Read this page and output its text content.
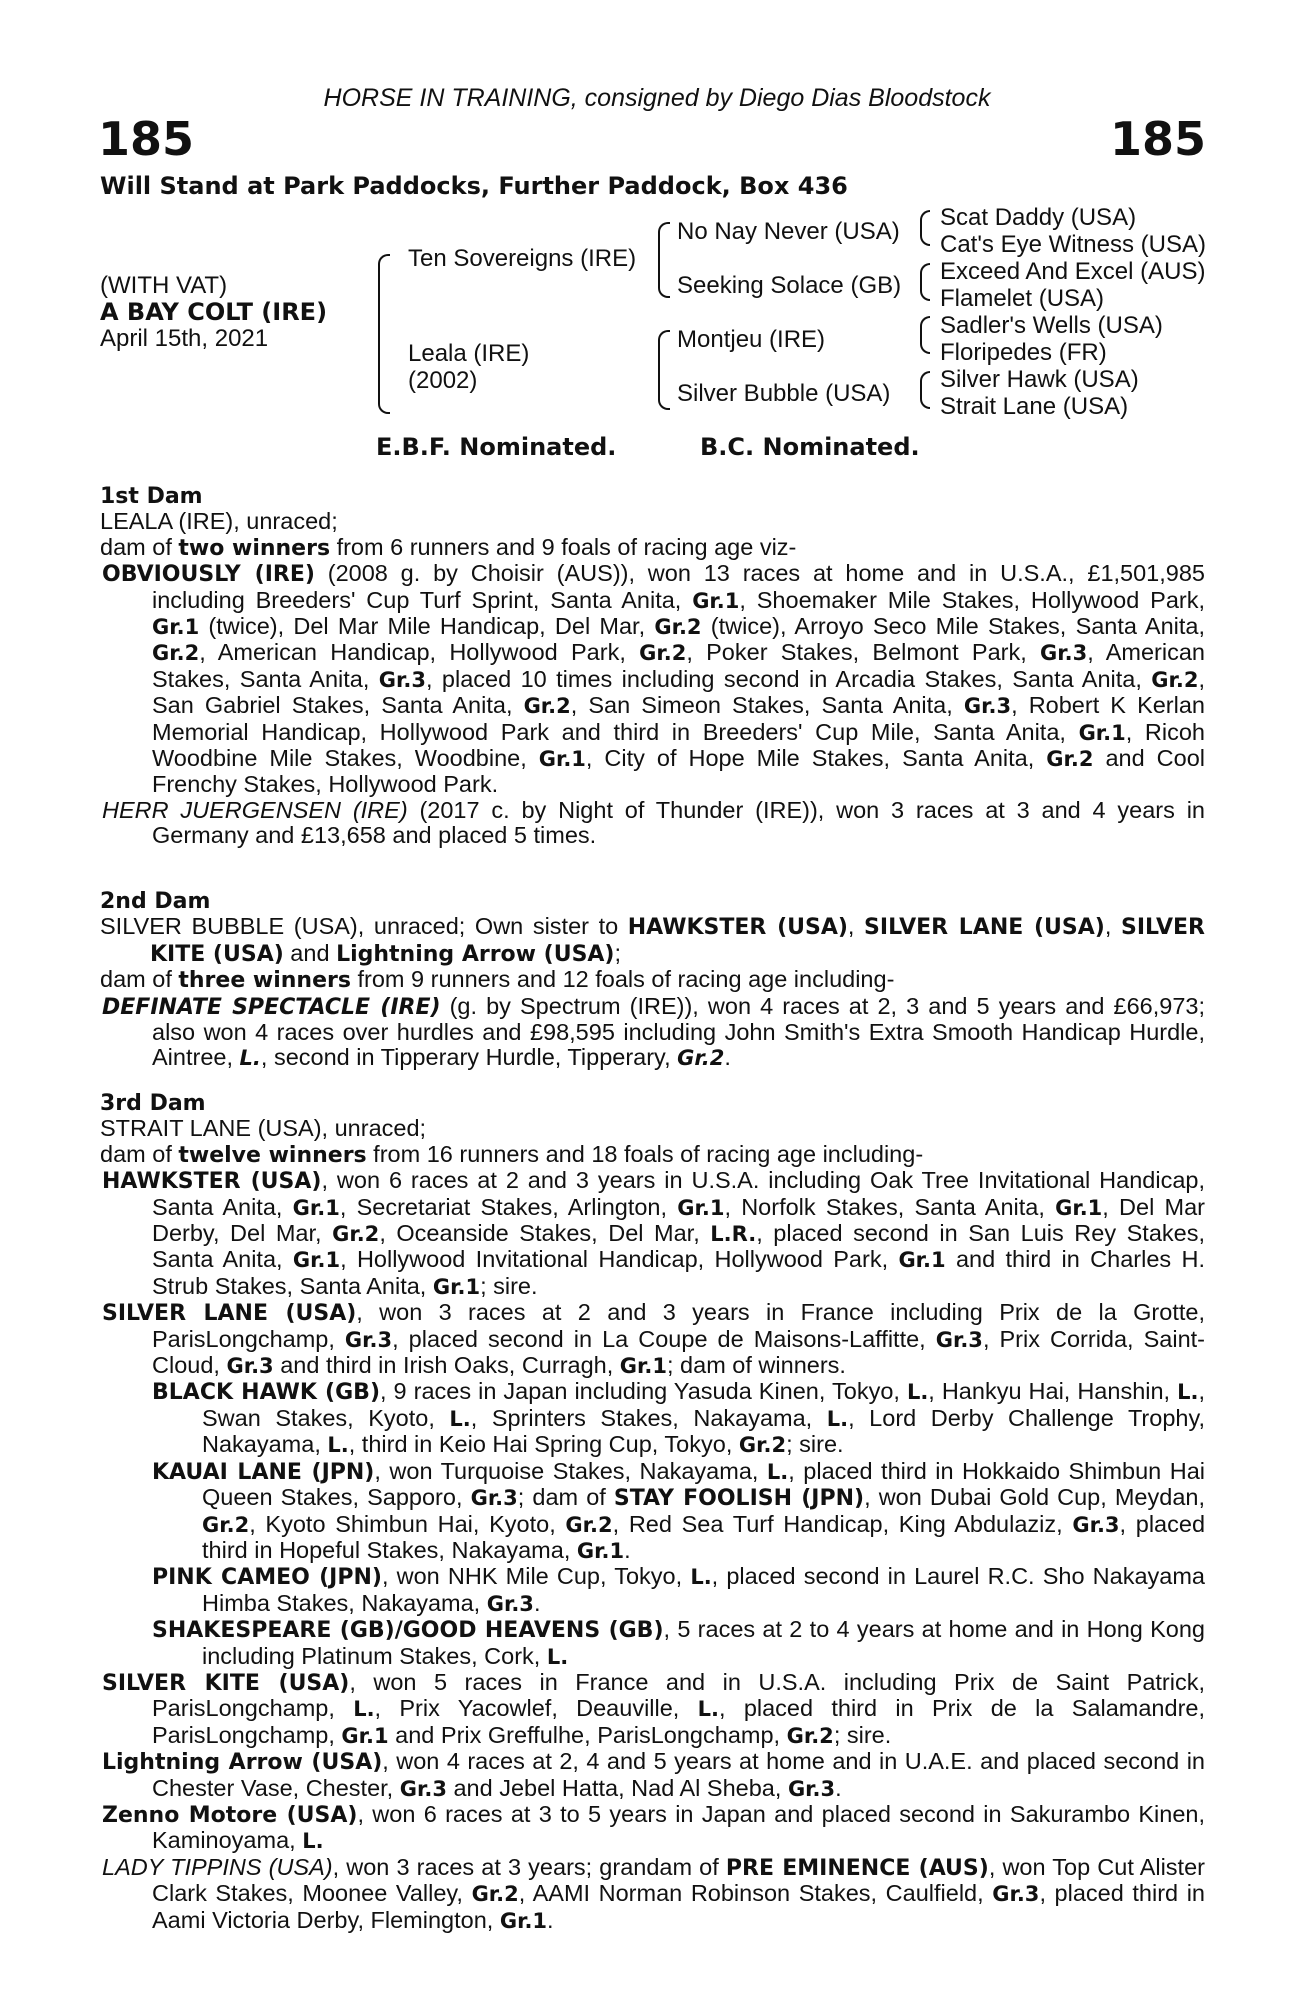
HORSE IN TRAINING, consigned by Diego Dias Bloodstock
185	185
Will Stand at Park Paddocks, Further Paddock, Box 436
(WITH VAT)
A BAY COLT (IRE)
April 15th, 2021
Ten Sovereigns (IRE)
Leala (IRE)
(2002)
No Nay Never (USA)
Seeking Solace (GB)
Montjeu (IRE)
Silver Bubble (USA)
Scat Daddy (USA)
Cat's Eye Witness (USA)
Exceed And Excel (AUS)
Flamelet (USA)
Sadler's Wells (USA)
Floripedes (FR)
Silver Hawk (USA)
Strait Lane (USA)
E.B.F. Nominated.	B.C. Nominated.

1st Dam

LEALA (IRE), unraced;

dam of two winners from 6 runners and 9 foals of racing age viz-

OBVIOUSLY (IRE) (2008 g. by Choisir (AUS)), won 13 races at home and in U.S.A., £1,501,985 including Breeders' Cup Turf Sprint, Santa Anita, Gr.1, Shoemaker Mile Stakes, Hollywood Park, Gr.1 (twice), Del Mar Mile Handicap, Del Mar, Gr.2 (twice), Arroyo Seco Mile Stakes, Santa Anita, Gr.2, American Handicap, Hollywood Park, Gr.2, Poker Stakes, Belmont Park, Gr.3, American Stakes, Santa Anita, Gr.3, placed 10 times including second in Arcadia Stakes, Santa Anita, Gr.2, San Gabriel Stakes, Santa Anita, Gr.2, San Simeon Stakes, Santa Anita, Gr.3, Robert K Kerlan Memorial Handicap, Hollywood Park and third in Breeders' Cup Mile, Santa Anita, Gr.1, Ricoh Woodbine Mile Stakes, Woodbine, Gr.1, City of Hope Mile Stakes, Santa Anita, Gr.2 and Cool Frenchy Stakes, Hollywood Park.

HERR JUERGENSEN (IRE) (2017 c. by Night of Thunder (IRE)), won 3 races at 3 and 4 years in Germany and £13,658 and placed 5 times.

2nd Dam

SILVER BUBBLE (USA), unraced; Own sister to HAWKSTER (USA), SILVER LANE (USA), SILVER KITE (USA) and Lightning Arrow (USA);

dam of three winners from 9 runners and 12 foals of racing age including-

DEFINATE SPECTACLE (IRE) (g. by Spectrum (IRE)), won 4 races at 2, 3 and 5 years and £66,973; also won 4 races over hurdles and £98,595 including John Smith's Extra Smooth Handicap Hurdle, Aintree, L., second in Tipperary Hurdle, Tipperary, Gr.2.

3rd Dam

STRAIT LANE (USA), unraced;

dam of twelve winners from 16 runners and 18 foals of racing age including-

HAWKSTER (USA), won 6 races at 2 and 3 years in U.S.A. including Oak Tree Invitational Handicap, Santa Anita, Gr.1, Secretariat Stakes, Arlington, Gr.1, Norfolk Stakes, Santa Anita, Gr.1, Del Mar Derby, Del Mar, Gr.2, Oceanside Stakes, Del Mar, L.R., placed second in San Luis Rey Stakes, Santa Anita, Gr.1, Hollywood Invitational Handicap, Hollywood Park, Gr.1 and third in Charles H. Strub Stakes, Santa Anita, Gr.1; sire.

SILVER LANE (USA), won 3 races at 2 and 3 years in France including Prix de la Grotte, ParisLongchamp, Gr.3, placed second in La Coupe de Maisons-Laffitte, Gr.3, Prix Corrida, Saint-Cloud, Gr.3 and third in Irish Oaks, Curragh, Gr.1; dam of winners.

BLACK HAWK (GB), 9 races in Japan including Yasuda Kinen, Tokyo, L., Hankyu Hai, Hanshin, L., Swan Stakes, Kyoto, L., Sprinters Stakes, Nakayama, L., Lord Derby Challenge Trophy, Nakayama, L., third in Keio Hai Spring Cup, Tokyo, Gr.2; sire.

KAUAI LANE (JPN), won Turquoise Stakes, Nakayama, L., placed third in Hokkaido Shimbun Hai Queen Stakes, Sapporo, Gr.3; dam of STAY FOOLISH (JPN), won Dubai Gold Cup, Meydan, Gr.2, Kyoto Shimbun Hai, Kyoto, Gr.2, Red Sea Turf Handicap, King Abdulaziz, Gr.3, placed third in Hopeful Stakes, Nakayama, Gr.1.

PINK CAMEO (JPN), won NHK Mile Cup, Tokyo, L., placed second in Laurel R.C. Sho Nakayama Himba Stakes, Nakayama, Gr.3.

SHAKESPEARE (GB)/GOOD HEAVENS (GB), 5 races at 2 to 4 years at home and in Hong Kong including Platinum Stakes, Cork, L.

SILVER KITE (USA), won 5 races in France and in U.S.A. including Prix de Saint Patrick, ParisLongchamp, L., Prix Yacowlef, Deauville, L., placed third in Prix de la Salamandre, ParisLongchamp, Gr.1 and Prix Greffulhe, ParisLongchamp, Gr.2; sire.

Lightning Arrow (USA), won 4 races at 2, 4 and 5 years at home and in U.A.E. and placed second in Chester Vase, Chester, Gr.3 and Jebel Hatta, Nad Al Sheba, Gr.3.

Zenno Motore (USA), won 6 races at 3 to 5 years in Japan and placed second in Sakurambo Kinen, Kaminoyama, L.

LADY TIPPINS (USA), won 3 races at 3 years; grandam of PRE EMINENCE (AUS), won Top Cut Alister Clark Stakes, Moonee Valley, Gr.2, AAMI Norman Robinson Stakes, Caulfield, Gr.3, placed third in Aami Victoria Derby, Flemington, Gr.1.
